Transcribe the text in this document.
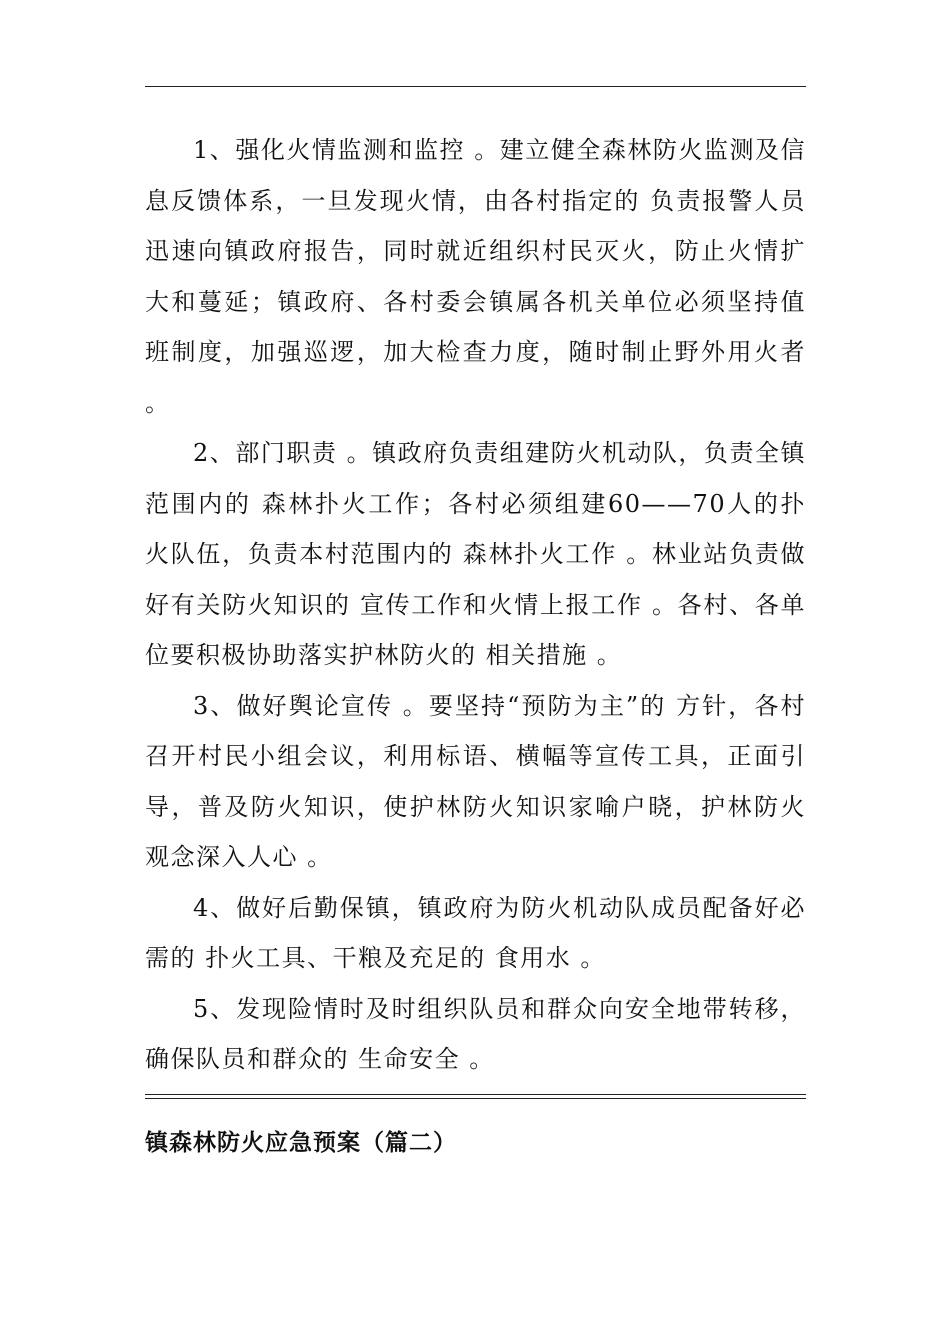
1、强化火情监测和监控 。建立健全森林防火监测及信息反馈体系，一旦发现火情，由各村指定的 负责报警人员迅速向镇政府报告，同时就近组织村民灭火，防止火情扩大和蔓延；镇政府、各村委会镇属各机关单位必须坚持值班制度，加强巡逻，加大检查力度，随时制止野外用火者 。

2、部门职责 。镇政府负责组建防火机动队，负责全镇范围内的 森林扑火工作；各村必须组建60——70人的扑火队伍，负责本村范围内的 森林扑火工作 。林业站负责做好有关防火知识的 宣传工作和火情上报工作 。各村、各单位要积极协助落实护林防火的 相关措施 。

3、做好舆论宣传 。要坚持“预防为主”的 方针，各村召开村民小组会议，利用标语、横幅等宣传工具，正面引导，普及防火知识，使护林防火知识家喻户晓，护林防火观念深入人心 。

4、做好后勤保镇，镇政府为防火机动队成员配备好必需的 扑火工具、干粮及充足的 食用水 。

5、发现险情时及时组织队员和群众向安全地带转移，确保队员和群众的 生命安全 。

镇森林防火应急预案（篇二）
